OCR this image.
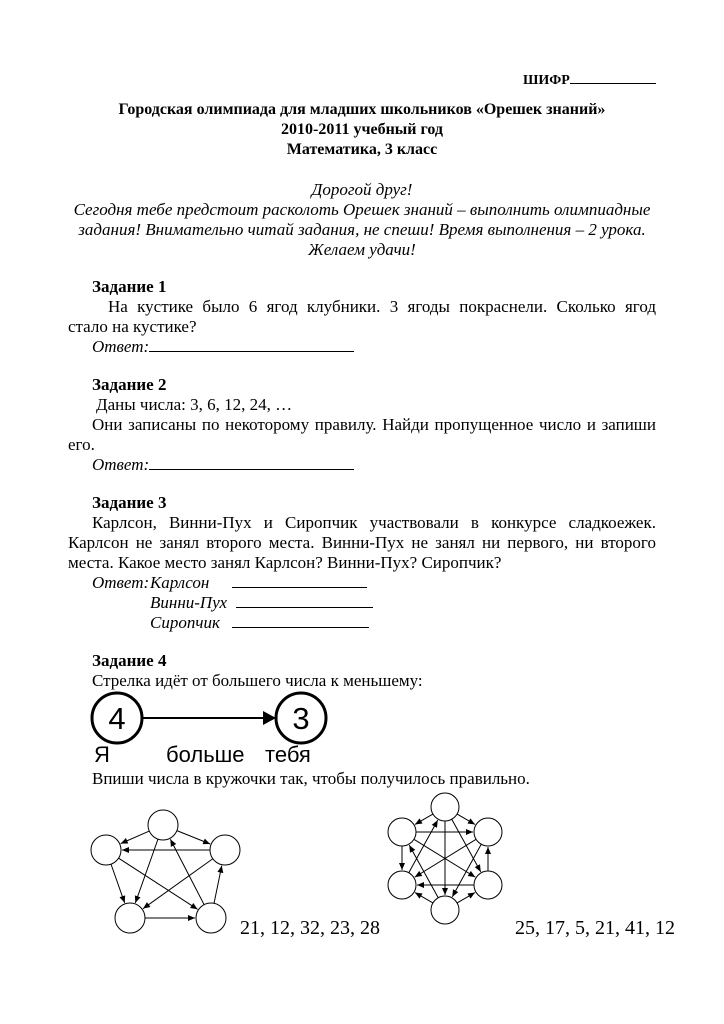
ШИФР
Городская олимпиада для младших школьников «Орешек знаний»
2010-2011 учебный год
Математика, 3 класс
Дорогой друг!
Сегодня тебе предстоит расколоть Орешек знаний – выполнить олимпиадные
задания! Внимательно читай задания, не спеши! Время выполнения – 2 урока.
Желаем удачи!
Задание 1
На кустике было 6 ягод клубники. 3 ягоды покраснели. Сколько ягод
стало на кустике?
Ответ:
Задание 2
Даны числа: 3, 6, 12, 24, …
Они записаны по некоторому правилу. Найди пропущенное число и запиши
его.
Ответ:
Задание 3
Карлсон, Винни-Пух и Сиропчик участвовали в конкурсе сладкоежек.
Карлсон не занял второго места. Винни-Пух не занял ни первого, ни второго
места. Какое место занял Карлсон? Винни-Пух? Сиропчик?
Ответ: Карлсон
Винни-Пух
Сиропчик
Задание 4
Стрелка идёт от большего числа к меньшему:
4	3
Я	больше тебя
Впиши числа в кружочки так, чтобы получилось правильно.
21, 12, 32, 23, 28	25, 17, 5, 21, 41, 12
